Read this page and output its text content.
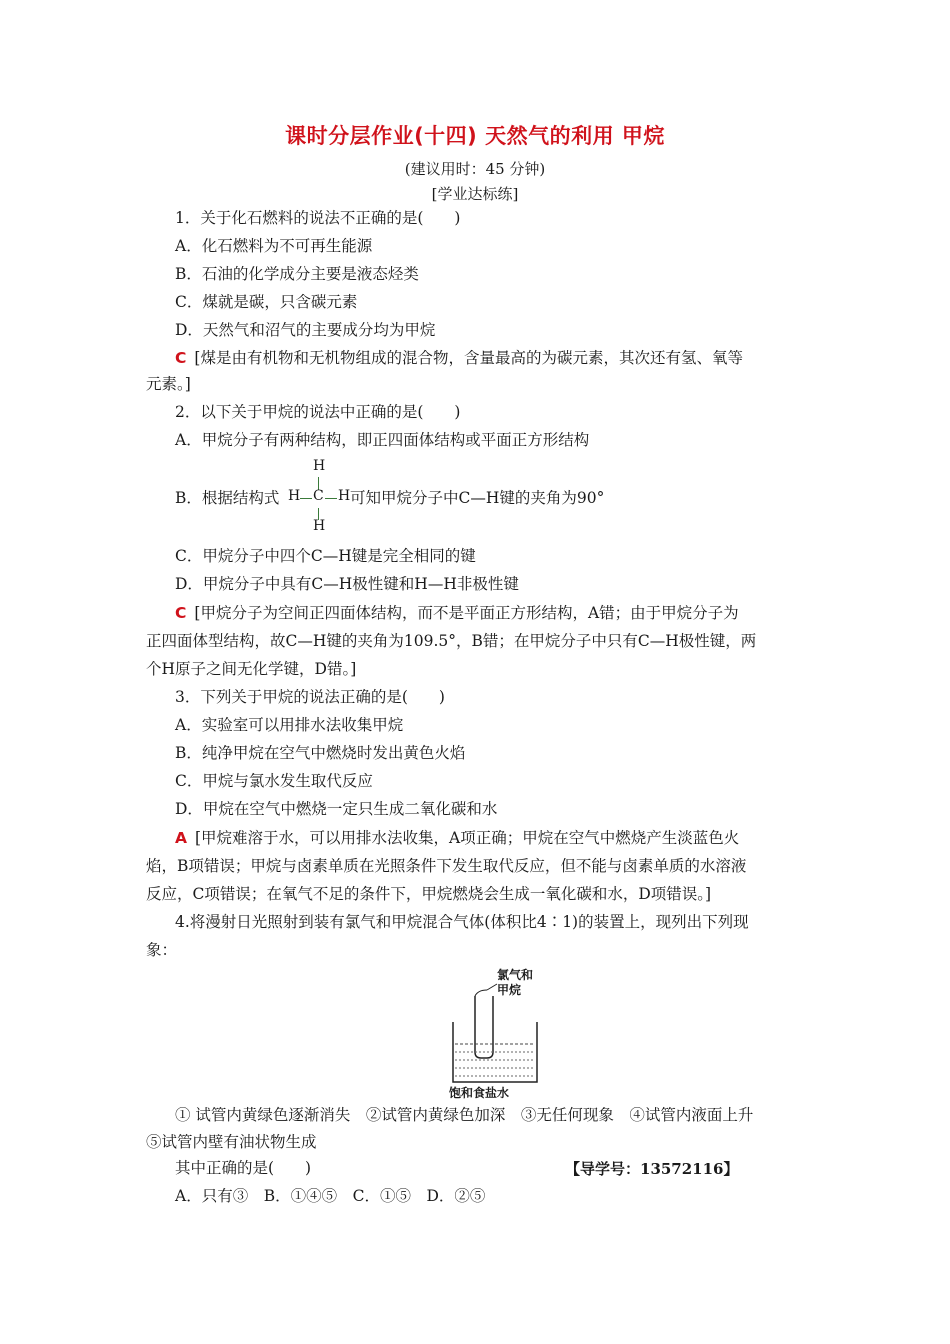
课时分层作业(十四) 天然气的利用 甲烷
(建议用时：45 分钟)
[学业达标练]
1．关于化石燃料的说法不正确的是(　　)
A．化石燃料为不可再生能源
B．石油的化学成分主要是液态烃类
C．煤就是碳，只含碳元素
D．天然气和沼气的主要成分均为甲烷
C [煤是由有机物和无机物组成的混合物，含量最高的为碳元素，其次还有氢、氧等
元素。]
2．以下关于甲烷的说法中正确的是(　　)
A．甲烷分子有两种结构，即正四面体结构或平面正方形结构
B．根据结构式
H
H C H
H
可知甲烷分子中C—H键的夹角为90°
C．甲烷分子中四个C—H键是完全相同的键
D．甲烷分子中具有C—H极性键和H—H非极性键
C [甲烷分子为空间正四面体结构，而不是平面正方形结构，A错；由于甲烷分子为
正四面体型结构，故C—H键的夹角为109.5°，B错；在甲烷分子中只有C—H极性键，两
个H原子之间无化学键，D错。]
3．下列关于甲烷的说法正确的是(　　)
A．实验室可以用排水法收集甲烷
B．纯净甲烷在空气中燃烧时发出黄色火焰
C．甲烷与氯水发生取代反应
D．甲烷在空气中燃烧一定只生成二氧化碳和水
A [甲烷难溶于水，可以用排水法收集，A项正确；甲烷在空气中燃烧产生淡蓝色火
焰，B项错误；甲烷与卤素单质在光照条件下发生取代反应，但不能与卤素单质的水溶液
反应，C项错误；在氧气不足的条件下，甲烷燃烧会生成一氧化碳和水，D项错误。]
4.将漫射日光照射到装有氯气和甲烷混合气体(体积比4∶1)的装置上，现列出下列现
象：
氯气和
甲烷
饱和食盐水
① 试管内黄绿色逐渐消失　②试管内黄绿色加深　③无任何现象　④试管内液面上升
⑤试管内壁有油状物生成
其中正确的是(　　)	【导学号：13572116】
A．只有③　B．①④⑤　C．①⑤　D．②⑤
